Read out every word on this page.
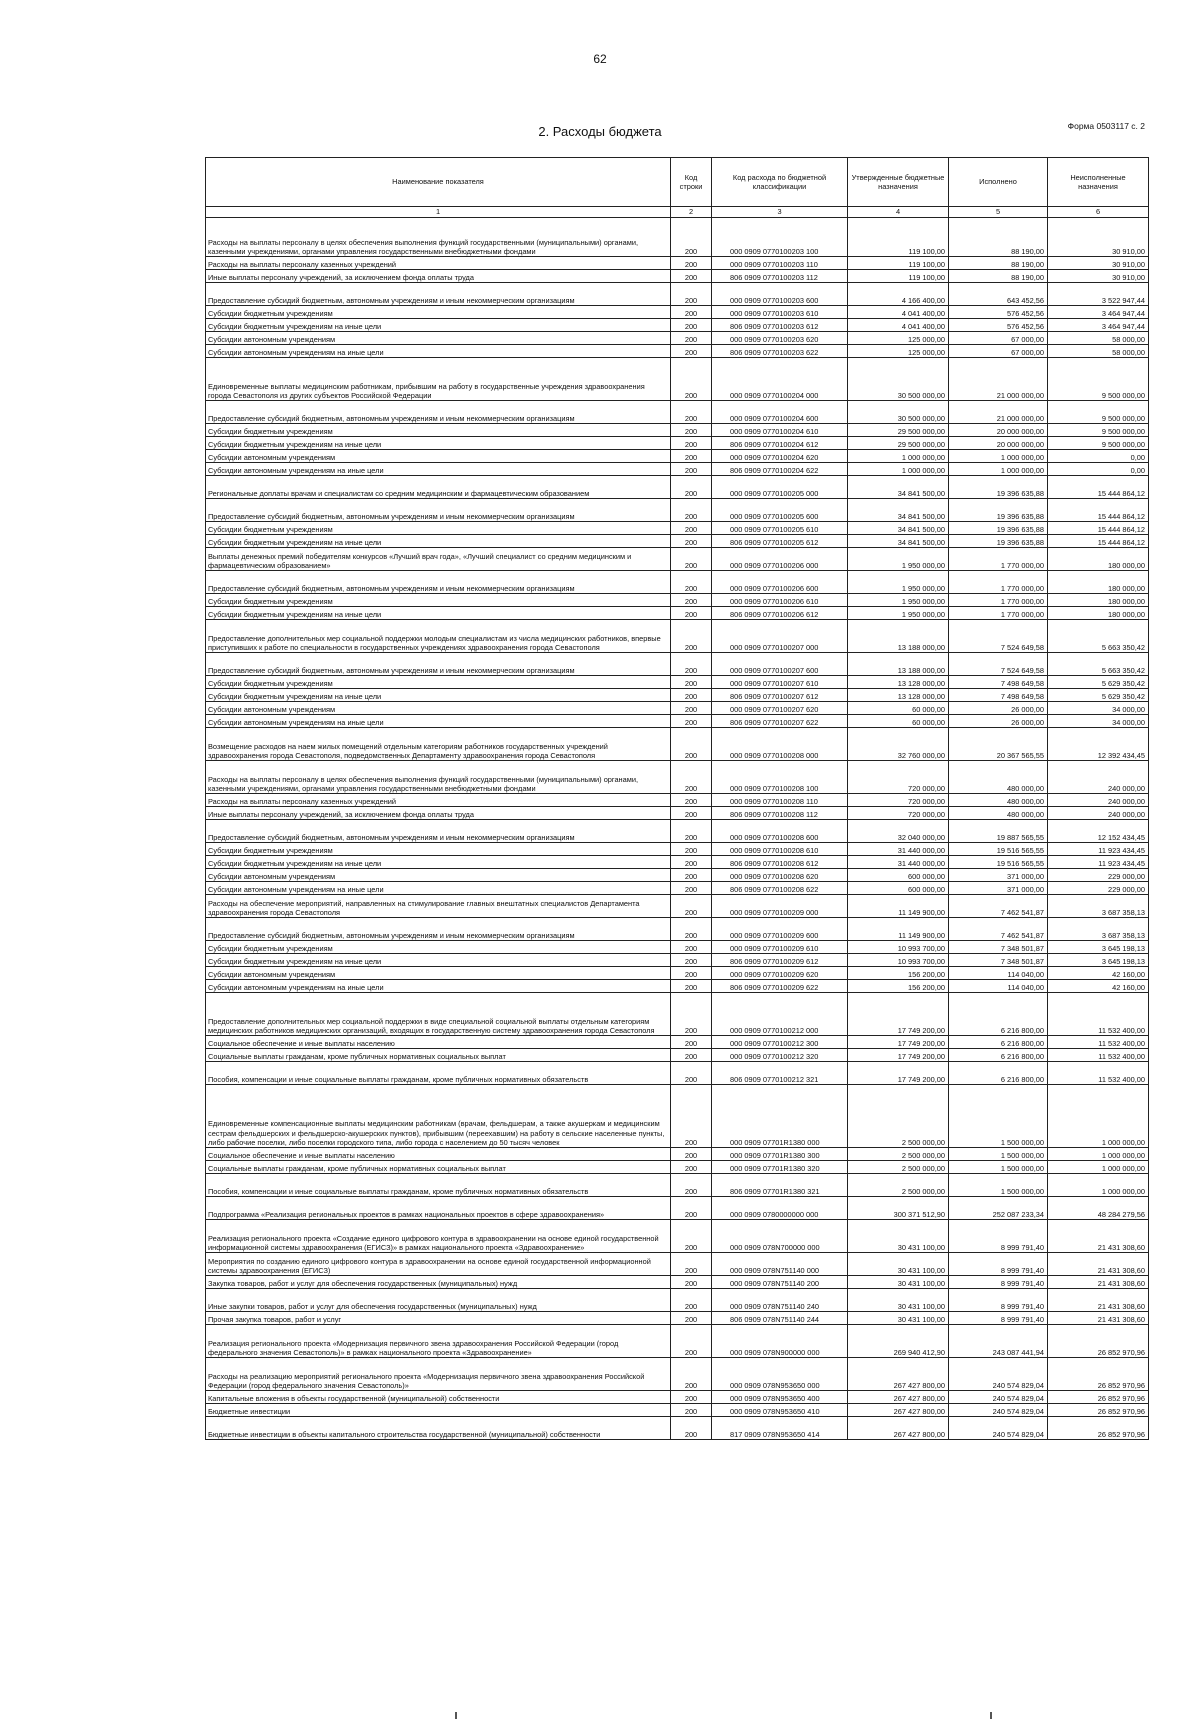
62
Форма 0503117 с. 2
2. Расходы бюджета
Наименование показателя	Код строки	Код расхода по бюджетной классификации	Утвержденные бюджетные назначения	Исполнено	Неисполненные назначения
1	2	3	4	5	6
Расходы на выплаты персоналу в целях обеспечения выполнения функций государственными (муниципальными) органами, казенными учреждениями, органами управления государственными внебюджетными фондами	200	000 0909 0770100203 100	119 100,00	88 190,00	30 910,00
Расходы на выплаты персоналу казенных учреждений	200	000 0909 0770100203 110	119 100,00	88 190,00	30 910,00
Иные выплаты персоналу учреждений, за исключением фонда оплаты труда	200	806 0909 0770100203 112	119 100,00	88 190,00	30 910,00
Предоставление субсидий бюджетным, автономным учреждениям и иным некоммерческим организациям	200	000 0909 0770100203 600	4 166 400,00	643 452,56	3 522 947,44
Субсидии бюджетным учреждениям	200	000 0909 0770100203 610	4 041 400,00	576 452,56	3 464 947,44
Субсидии бюджетным учреждениям на иные цели	200	806 0909 0770100203 612	4 041 400,00	576 452,56	3 464 947,44
Субсидии автономным учреждениям	200	000 0909 0770100203 620	125 000,00	67 000,00	58 000,00
Субсидии автономным учреждениям на иные цели	200	806 0909 0770100203 622	125 000,00	67 000,00	58 000,00
Единовременные выплаты медицинским работникам, прибывшим на работу в государственные учреждения здравоохранения города Севастополя из других субъектов Российской Федерации	200	000 0909 0770100204 000	30 500 000,00	21 000 000,00	9 500 000,00
Предоставление субсидий бюджетным, автономным учреждениям и иным некоммерческим организациям	200	000 0909 0770100204 600	30 500 000,00	21 000 000,00	9 500 000,00
Субсидии бюджетным учреждениям	200	000 0909 0770100204 610	29 500 000,00	20 000 000,00	9 500 000,00
Субсидии бюджетным учреждениям на иные цели	200	806 0909 0770100204 612	29 500 000,00	20 000 000,00	9 500 000,00
Субсидии автономным учреждениям	200	000 0909 0770100204 620	1 000 000,00	1 000 000,00	0,00
Субсидии автономным учреждениям на иные цели	200	806 0909 0770100204 622	1 000 000,00	1 000 000,00	0,00
Региональные доплаты врачам и специалистам со средним медицинским и фармацевтическим образованием	200	000 0909 0770100205 000	34 841 500,00	19 396 635,88	15 444 864,12
Предоставление субсидий бюджетным, автономным учреждениям и иным некоммерческим организациям	200	000 0909 0770100205 600	34 841 500,00	19 396 635,88	15 444 864,12
Субсидии бюджетным учреждениям	200	000 0909 0770100205 610	34 841 500,00	19 396 635,88	15 444 864,12
Субсидии бюджетным учреждениям на иные цели	200	806 0909 0770100205 612	34 841 500,00	19 396 635,88	15 444 864,12
Выплаты денежных премий победителям конкурсов «Лучший врач года», «Лучший специалист со средним медицинским и фармацевтическим образованием»	200	000 0909 0770100206 000	1 950 000,00	1 770 000,00	180 000,00
Предоставление субсидий бюджетным, автономным учреждениям и иным некоммерческим организациям	200	000 0909 0770100206 600	1 950 000,00	1 770 000,00	180 000,00
Субсидии бюджетным учреждениям	200	000 0909 0770100206 610	1 950 000,00	1 770 000,00	180 000,00
Субсидии бюджетным учреждениям на иные цели	200	806 0909 0770100206 612	1 950 000,00	1 770 000,00	180 000,00
Предоставление дополнительных мер социальной поддержки молодым специалистам из числа медицинских работников, впервые приступивших к работе по специальности в государственных учреждениях здравоохранения города Севастополя	200	000 0909 0770100207 000	13 188 000,00	7 524 649,58	5 663 350,42
Предоставление субсидий бюджетным, автономным учреждениям и иным некоммерческим организациям	200	000 0909 0770100207 600	13 188 000,00	7 524 649,58	5 663 350,42
Субсидии бюджетным учреждениям	200	000 0909 0770100207 610	13 128 000,00	7 498 649,58	5 629 350,42
Субсидии бюджетным учреждениям на иные цели	200	806 0909 0770100207 612	13 128 000,00	7 498 649,58	5 629 350,42
Субсидии автономным учреждениям	200	000 0909 0770100207 620	60 000,00	26 000,00	34 000,00
Субсидии автономным учреждениям на иные цели	200	806 0909 0770100207 622	60 000,00	26 000,00	34 000,00
Возмещение расходов на наем жилых помещений отдельным категориям работников государственных учреждений здравоохранения города Севастополя, подведомственных Департаменту здравоохранения города Севастополя	200	000 0909 0770100208 000	32 760 000,00	20 367 565,55	12 392 434,45
Расходы на выплаты персоналу в целях обеспечения выполнения функций государственными (муниципальными) органами, казенными учреждениями, органами управления государственными внебюджетными фондами	200	000 0909 0770100208 100	720 000,00	480 000,00	240 000,00
Расходы на выплаты персоналу казенных учреждений	200	000 0909 0770100208 110	720 000,00	480 000,00	240 000,00
Иные выплаты персоналу учреждений, за исключением фонда оплаты труда	200	806 0909 0770100208 112	720 000,00	480 000,00	240 000,00
Предоставление субсидий бюджетным, автономным учреждениям и иным некоммерческим организациям	200	000 0909 0770100208 600	32 040 000,00	19 887 565,55	12 152 434,45
Субсидии бюджетным учреждениям	200	000 0909 0770100208 610	31 440 000,00	19 516 565,55	11 923 434,45
Субсидии бюджетным учреждениям на иные цели	200	806 0909 0770100208 612	31 440 000,00	19 516 565,55	11 923 434,45
Субсидии автономным учреждениям	200	000 0909 0770100208 620	600 000,00	371 000,00	229 000,00
Субсидии автономным учреждениям на иные цели	200	806 0909 0770100208 622	600 000,00	371 000,00	229 000,00
Расходы на обеспечение мероприятий, направленных на стимулирование главных внештатных специалистов Департамента здравоохранения города Севастополя	200	000 0909 0770100209 000	11 149 900,00	7 462 541,87	3 687 358,13
Предоставление субсидий бюджетным, автономным учреждениям и иным некоммерческим организациям	200	000 0909 0770100209 600	11 149 900,00	7 462 541,87	3 687 358,13
Субсидии бюджетным учреждениям	200	000 0909 0770100209 610	10 993 700,00	7 348 501,87	3 645 198,13
Субсидии бюджетным учреждениям на иные цели	200	806 0909 0770100209 612	10 993 700,00	7 348 501,87	3 645 198,13
Субсидии автономным учреждениям	200	000 0909 0770100209 620	156 200,00	114 040,00	42 160,00
Субсидии автономным учреждениям на иные цели	200	806 0909 0770100209 622	156 200,00	114 040,00	42 160,00
Предоставление дополнительных мер социальной поддержки в виде специальной социальной выплаты отдельным категориям медицинских работников медицинских организаций, входящих в государственную систему здравоохранения города Севастополя	200	000 0909 0770100212 000	17 749 200,00	6 216 800,00	11 532 400,00
Социальное обеспечение и иные выплаты населению	200	000 0909 0770100212 300	17 749 200,00	6 216 800,00	11 532 400,00
Социальные выплаты гражданам, кроме публичных нормативных социальных выплат	200	000 0909 0770100212 320	17 749 200,00	6 216 800,00	11 532 400,00
Пособия, компенсации и иные социальные выплаты гражданам, кроме публичных нормативных обязательств	200	806 0909 0770100212 321	17 749 200,00	6 216 800,00	11 532 400,00
Единовременные компенсационные выплаты медицинским работникам (врачам, фельдшерам, а также акушеркам и медицинским сестрам фельдшерских и фельдшерско-акушерских пунктов), прибывшим (переехавшим) на работу в сельские населенные пункты, либо рабочие поселки, либо поселки городского типа, либо города с населением до 50 тысяч человек	200	000 0909 07701R1380 000	2 500 000,00	1 500 000,00	1 000 000,00
Социальное обеспечение и иные выплаты населению	200	000 0909 07701R1380 300	2 500 000,00	1 500 000,00	1 000 000,00
Социальные выплаты гражданам, кроме публичных нормативных социальных выплат	200	000 0909 07701R1380 320	2 500 000,00	1 500 000,00	1 000 000,00
Пособия, компенсации и иные социальные выплаты гражданам, кроме публичных нормативных обязательств	200	806 0909 07701R1380 321	2 500 000,00	1 500 000,00	1 000 000,00
Подпрограмма «Реализация региональных проектов в рамках национальных проектов в сфере здравоохранения»	200	000 0909 0780000000 000	300 371 512,90	252 087 233,34	48 284 279,56
Реализация регионального проекта «Создание единого цифрового контура в здравоохранении на основе единой государственной информационной системы здравоохранения (ЕГИСЗ)» в рамках национального проекта «Здравоохранение»	200	000 0909 078N700000 000	30 431 100,00	8 999 791,40	21 431 308,60
Мероприятия по созданию единого цифрового контура в здравоохранении на основе единой государственной информационной системы здравоохранения (ЕГИСЗ)	200	000 0909 078N751140 000	30 431 100,00	8 999 791,40	21 431 308,60
Закупка товаров, работ и услуг для обеспечения государственных (муниципальных) нужд	200	000 0909 078N751140 200	30 431 100,00	8 999 791,40	21 431 308,60
Иные закупки товаров, работ и услуг для обеспечения государственных (муниципальных) нужд	200	000 0909 078N751140 240	30 431 100,00	8 999 791,40	21 431 308,60
Прочая закупка товаров, работ и услуг	200	806 0909 078N751140 244	30 431 100,00	8 999 791,40	21 431 308,60
Реализация регионального проекта «Модернизация первичного звена здравоохранения Российской Федерации (город федерального значения Севастополь)» в рамках национального проекта «Здравоохранение»	200	000 0909 078N900000 000	269 940 412,90	243 087 441,94	26 852 970,96
Расходы на реализацию мероприятий регионального проекта «Модернизация первичного звена здравоохранения Российской Федерации (город федерального значения Севастополь)»	200	000 0909 078N953650 000	267 427 800,00	240 574 829,04	26 852 970,96
Капитальные вложения в объекты государственной (муниципальной) собственности	200	000 0909 078N953650 400	267 427 800,00	240 574 829,04	26 852 970,96
Бюджетные инвестиции	200	000 0909 078N953650 410	267 427 800,00	240 574 829,04	26 852 970,96
Бюджетные инвестиции в объекты капитального строительства государственной (муниципальной) собственности	200	817 0909 078N953650 414	267 427 800,00	240 574 829,04	26 852 970,96
